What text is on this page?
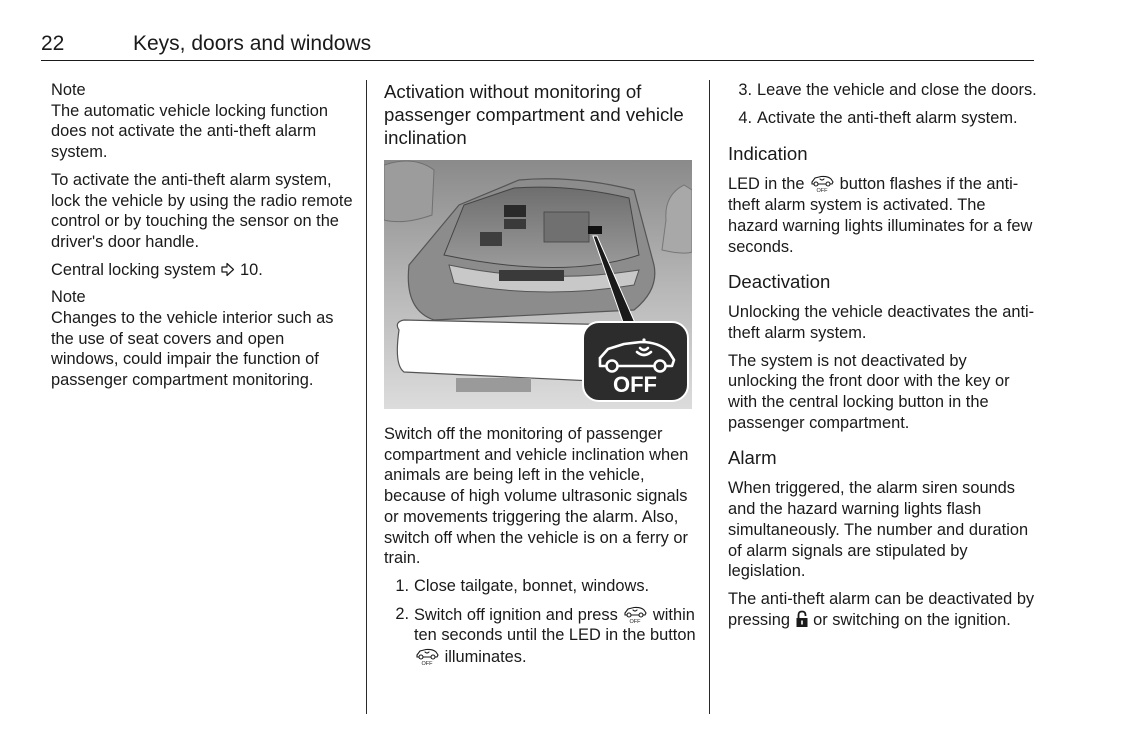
22	Keys, doors and windows
Note

The automatic vehicle locking function does not activate the anti-theft alarm system.

To activate the anti-theft alarm system, lock the vehicle by using the radio remote control or by touching the sensor on the driver's door handle.

Central locking system 10.

Note

Changes to the vehicle interior such as the use of seat covers and open windows, could impair the function of passenger compartment monitoring.

Activation without monitoring of passenger compartment and vehicle inclination
OFF

Switch off the monitoring of passenger compartment and vehicle inclination when animals are being left in the vehicle, because of high volume ultrasonic signals or movements triggering the alarm. Also, switch off when the vehicle is on a ferry or train.

1. Close tailgate, bonnet, windows.
2. Switch off ignition and press OFF within ten seconds until the LED in the button
OFF illuminates.
3. Leave the vehicle and close the doors.
4. Activate the anti-theft alarm system.
Indication

LED in the OFF button flashes if the anti-theft alarm system is activated. The hazard warning lights illuminates for a few seconds.

Deactivation

Unlocking the vehicle deactivates the anti-theft alarm system.

The system is not deactivated by unlocking the front door with the key or with the central locking button in the passenger compartment.

Alarm

When triggered, the alarm siren sounds and the hazard warning lights flash simultaneously. The number and duration of alarm signals are stipulated by legislation.

The anti-theft alarm can be deactivated by pressing or switching on the ignition.
